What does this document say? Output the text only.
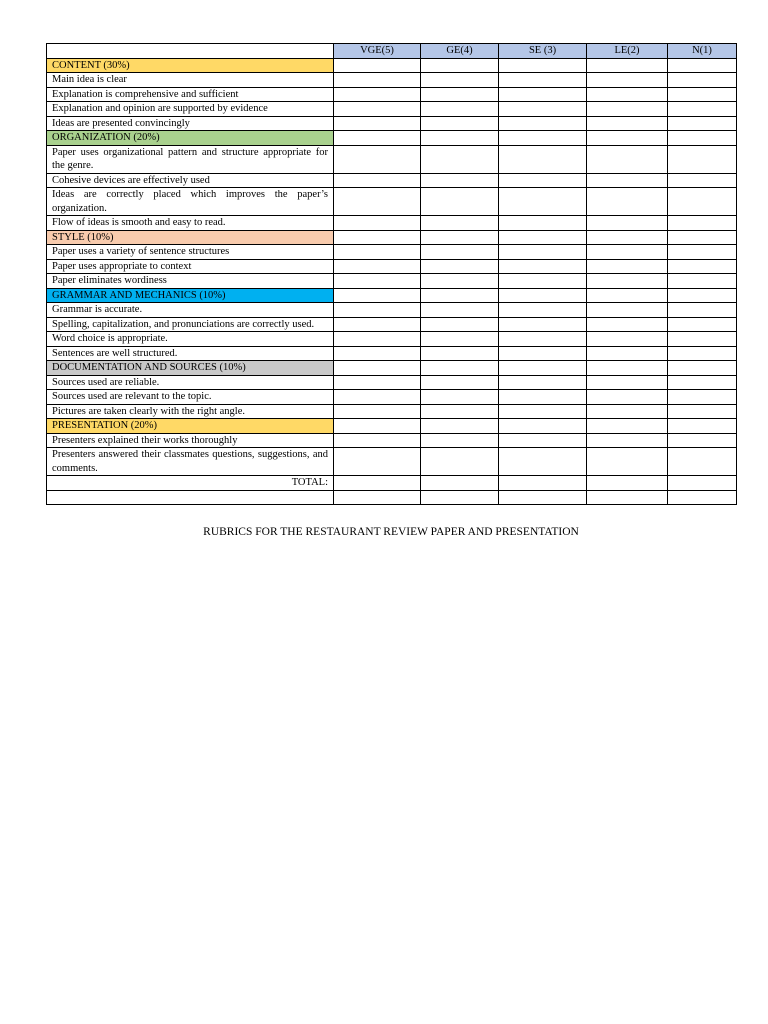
	VGE(5)	GE(4)	SE (3)	LE(2)	N(1)
CONTENT (30%)					
Main idea is clear					
Explanation is comprehensive and sufficient					
Explanation and opinion are supported by evidence					
Ideas are presented convincingly					
ORGANIZATION (20%)					
Paper uses organizational pattern and structure appropriate for the genre.					
Cohesive devices are effectively used					
Ideas are correctly placed which improves the paper’s organization.					
Flow of ideas is smooth and easy to read.					
STYLE (10%)					
Paper uses a variety of sentence structures					
Paper uses appropriate to context					
Paper eliminates wordiness					
GRAMMAR AND MECHANICS (10%)					
Grammar is accurate.					
Spelling, capitalization, and pronunciations are correctly used.					
Word choice is appropriate.					
Sentences are well structured.					
DOCUMENTATION AND SOURCES (10%)					
Sources used are reliable.					
Sources used are relevant to the topic.					
Pictures are taken clearly with the right angle.					
PRESENTATION (20%)					
Presenters explained their works thoroughly					
Presenters answered their classmates questions, suggestions, and comments.					
TOTAL:					

RUBRICS FOR THE RESTAURANT REVIEW PAPER AND PRESENTATION
